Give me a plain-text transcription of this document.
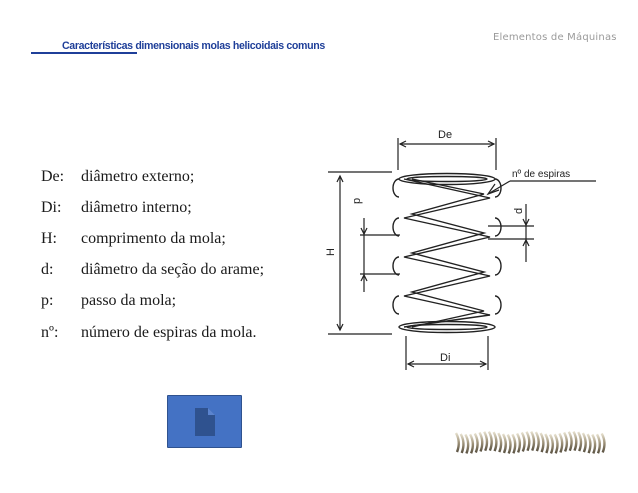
Elementos de Máquinas
Características dimensionais molas helicoidais comuns
De:	diâmetro externo;
Di:	diâmetro interno;
H:	comprimento da mola;
d:	diâmetro da seção do arame;
p:	passo da mola;
nº:	número de espiras da mola.
De
Di
H
p
d
nº de espiras
